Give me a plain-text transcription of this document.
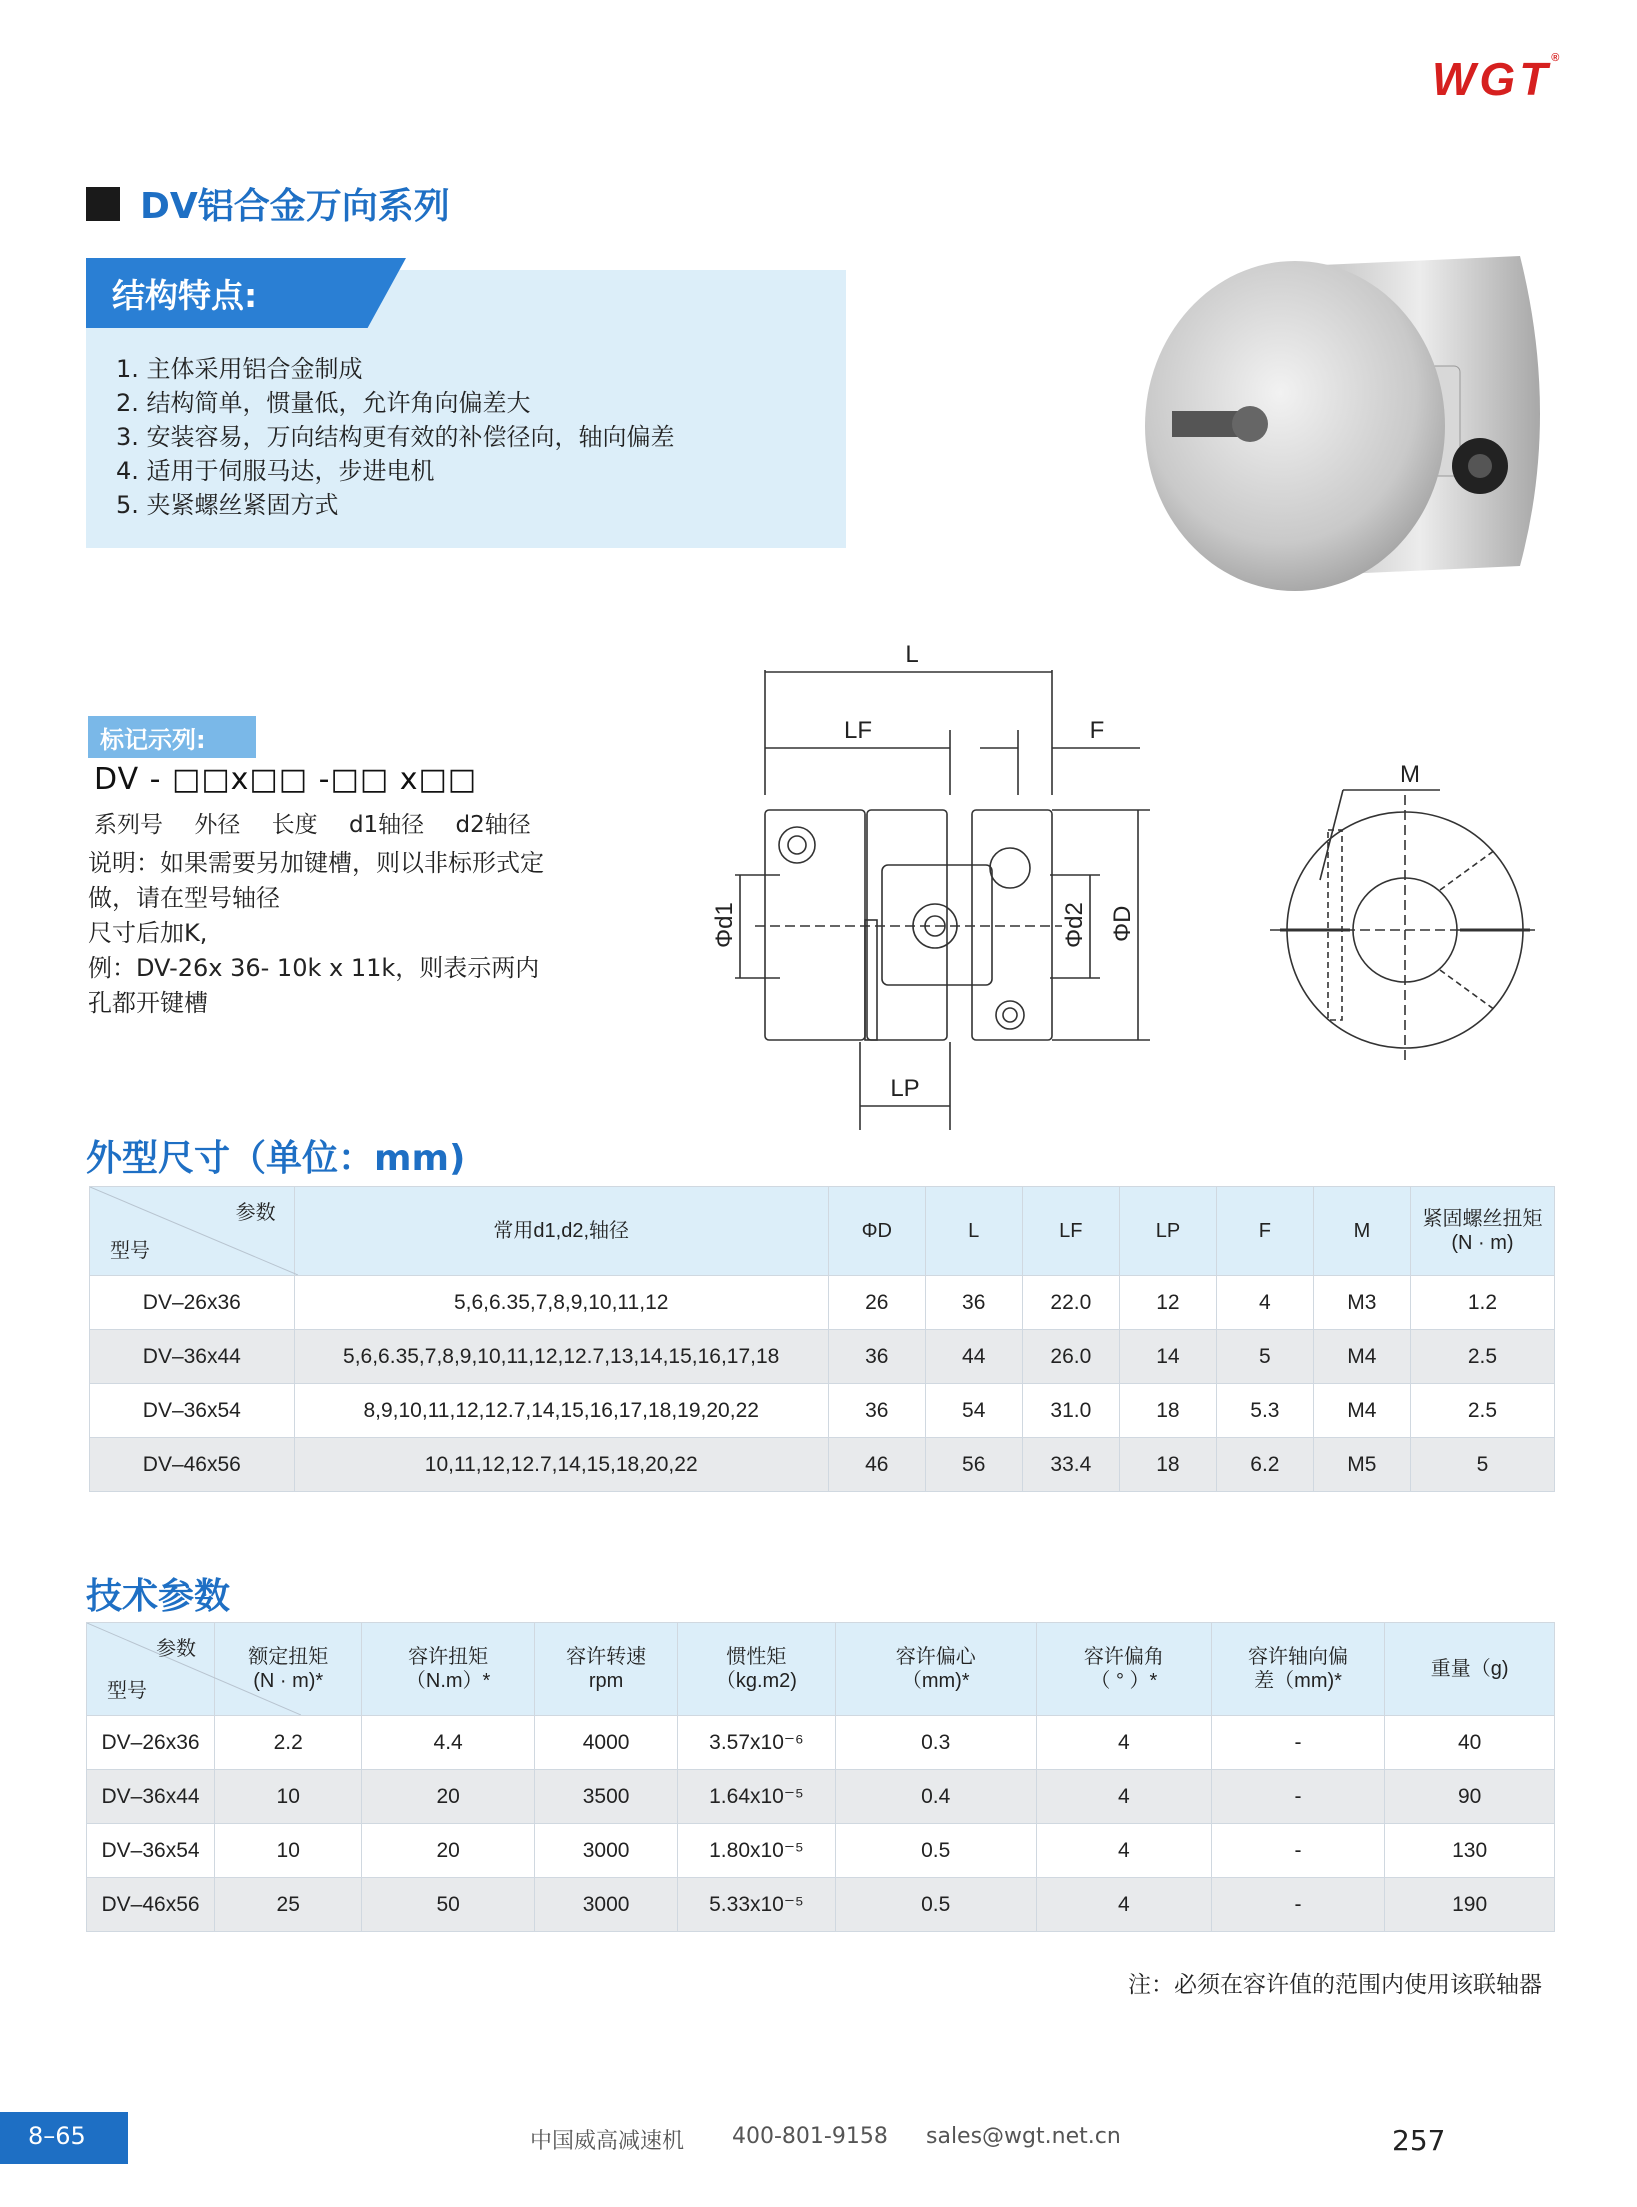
WGT®
DV铝合金万向系列
结构特点:
1. 主体采用铝合金制成
2. 结构简单，惯量低，允许角向偏差大
3. 安装容易，万向结构更有效的补偿径向，轴向偏差
4. 适用于伺服马达，步进电机
5. 夹紧螺丝紧固方式
标记示列:
DV - □□x□□ -□□ x□□
系列号 外径 长度 d1轴径 d2轴径
说明：如果需要另加键槽，则以非标形式定
做，请在型号轴径
尺寸后加K,
例：DV-26x 36- 10k x 11k，则表示两内
孔都开键槽
L
LF	F
Φd1	Φd2 ΦD
LP
M
外型尺寸（单位：mm)
参数
型号	常用d1,d2,轴径	ΦD	L	LF	LP	F	M	紧固螺丝扭矩(N · m)
DV–26x36	5,6,6.35,7,8,9,10,11,12	26	36	22.0	12	4	M3	1.2
DV–36x44	5,6,6.35,7,8,9,10,11,12,12.7,13,14,15,16,17,18	36	44	26.0	14	5	M4	2.5
DV–36x54	8,9,10,11,12,12.7,14,15,16,17,18,19,20,22	36	54	31.0	18	5.3	M4	2.5
DV–46x56	10,11,12,12.7,14,15,18,20,22	46	56	33.4	18	6.2	M5	5
技术参数
参数
型号	额定扭矩(N · m)*	容许扭矩（N.m）*	容许转速rpm	惯性矩（kg.m2)	容许偏心（mm)*	容许偏角（ ° ）*	容许轴向偏差（mm)*	重量（g)
DV–26x36	2.2	4.4	4000	3.57x10⁻⁶	0.3	4	-	40
DV–36x44	10	20	3500	1.64x10⁻⁵	0.4	4	-	90
DV–36x54	10	20	3000	1.80x10⁻⁵	0.5	4	-	130
DV–46x56	25	50	3000	5.33x10⁻⁵	0.5	4	-	190
注：必须在容许值的范围内使用该联轴器
8–65	中国威高减速机 400-801-9158 sales@wgt.net.cn	257
